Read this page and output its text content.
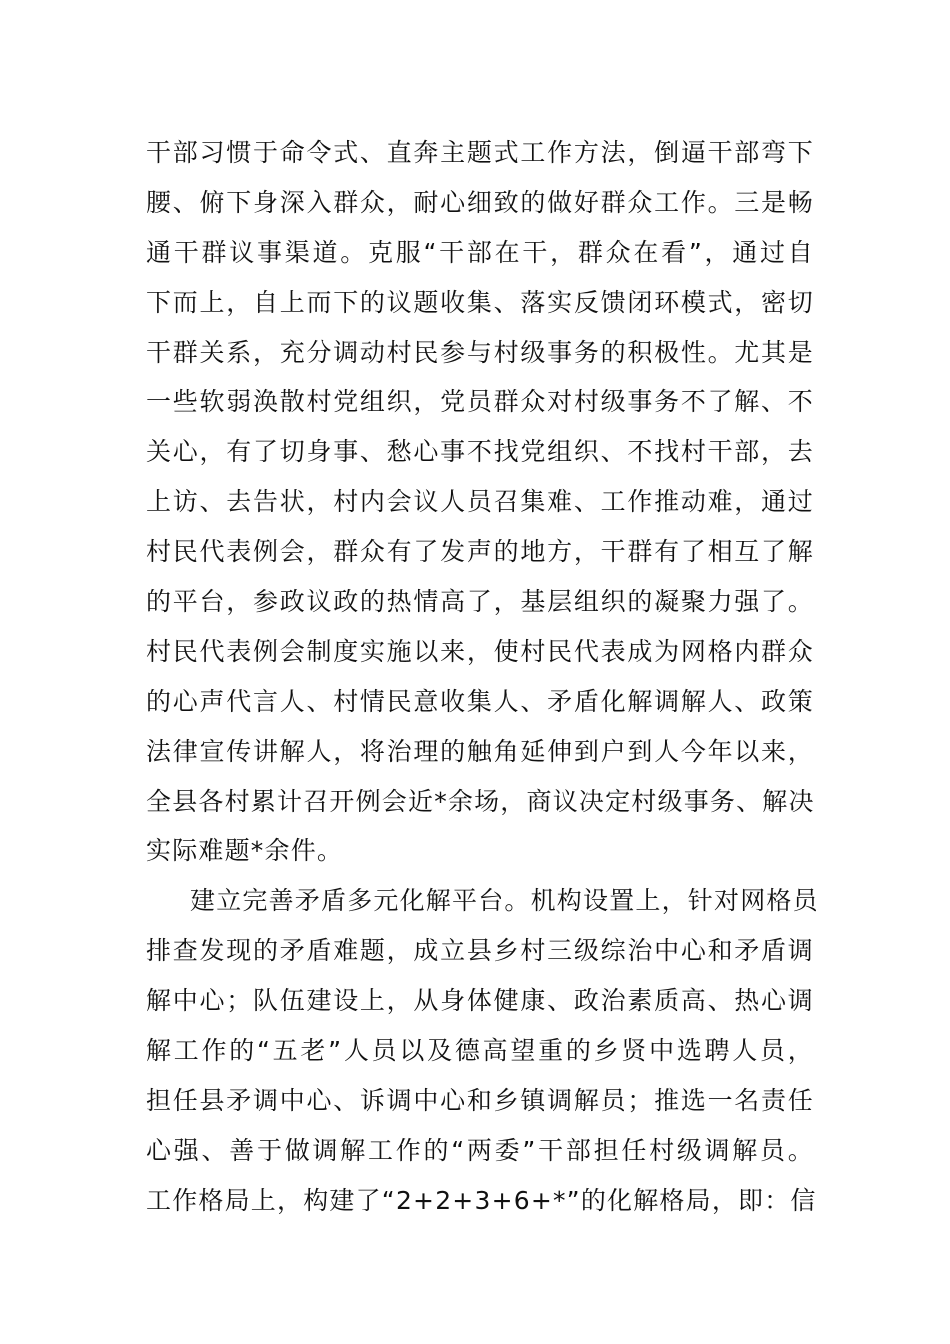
干部习惯于命令式、直奔主题式工作方法，倒逼干部弯下
腰、俯下身深入群众，耐心细致的做好群众工作。三是畅
通干群议事渠道。克服“干部在干，群众在看”，通过自
下而上，自上而下的议题收集、落实反馈闭环模式，密切
干群关系，充分调动村民参与村级事务的积极性。尤其是
一些软弱涣散村党组织，党员群众对村级事务不了解、不
关心，有了切身事、愁心事不找党组织、不找村干部，去
上访、去告状，村内会议人员召集难、工作推动难，通过
村民代表例会，群众有了发声的地方，干群有了相互了解
的平台，参政议政的热情高了，基层组织的凝聚力强了。
村民代表例会制度实施以来，使村民代表成为网格内群众
的心声代言人、村情民意收集人、矛盾化解调解人、政策
法律宣传讲解人，将治理的触角延伸到户到人今年以来，
全县各村累计召开例会近*余场，商议决定村级事务、解决
实际难题*余件。
建立完善矛盾多元化解平台。机构设置上，针对网格员
排查发现的矛盾难题，成立县乡村三级综治中心和矛盾调
解中心；队伍建设上，从身体健康、政治素质高、热心调
解工作的“五老”人员以及德高望重的乡贤中选聘人员，
担任县矛调中心、诉调中心和乡镇调解员；推选一名责任
心强、善于做调解工作的“两委”干部担任村级调解员。
工作格局上，构建了“2+2+3+6+*”的化解格局，即：信
